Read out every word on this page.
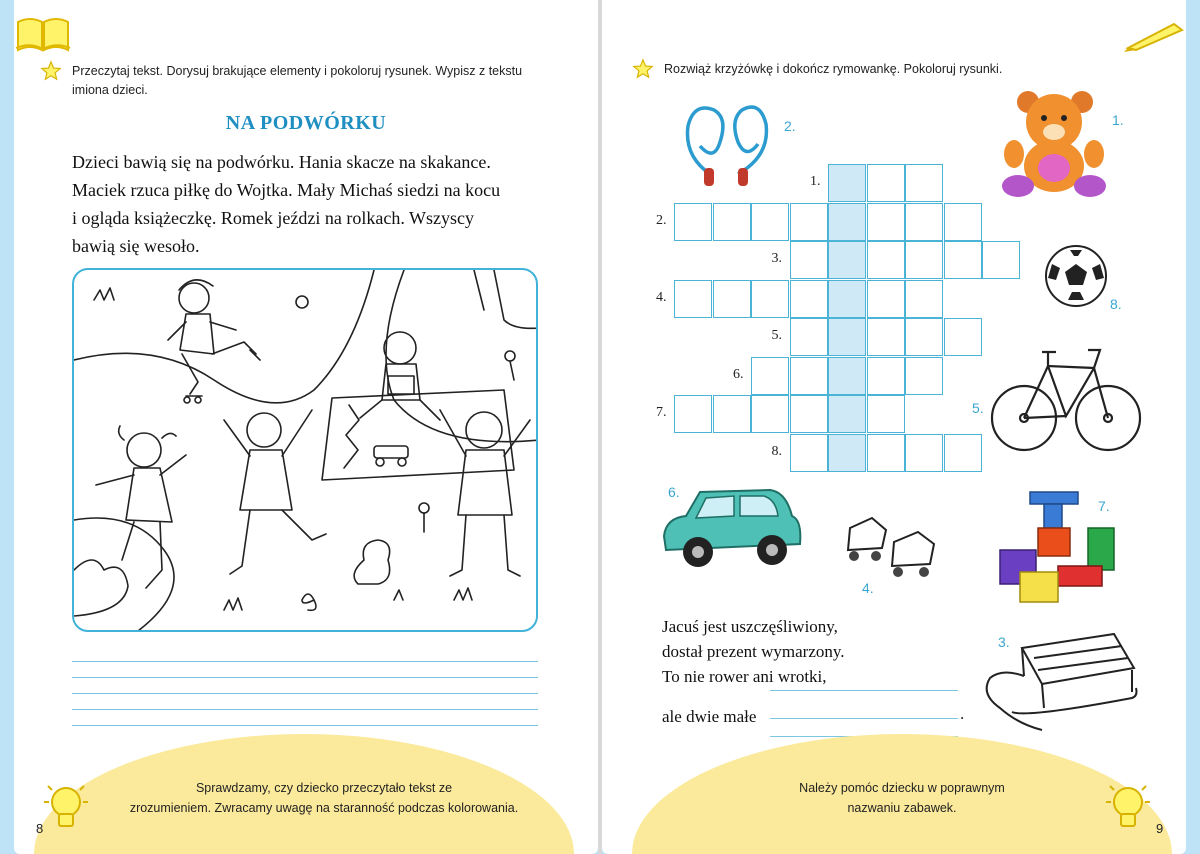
Przeczytaj tekst. Dorysuj brakujące elementy i pokoloruj rysunek. Wypisz z tekstu
imiona dzieci.
NA PODWÓRKU
Dzieci bawią się na podwórku. Hania skacze na skakance.
Maciek rzuca piłkę do Wojtka. Mały Michaś siedzi na kocu
i ogląda książeczkę. Romek jeździ na rolkach. Wszyscy
bawią się wesoło.
Sprawdzamy, czy dziecko przeczytało tekst ze
zrozumieniem. Zwracamy uwagę na staranność podczas kolorowania.
8
Rozwiąż krzyżówkę i dokończ rymowankę. Pokoloruj rysunki.
1.
2.
3.
4.
5.
6.
7.
8.
2.	1.
8.
5.
6.
4.
7.
3.
Jacuś jest uszczęśliwiony,
dostał prezent wymarzony.
To nie rower ani wrotki,
ale dwie małe	.
Należy pomóc dziecku w poprawnym
nazwaniu zabawek.
9
